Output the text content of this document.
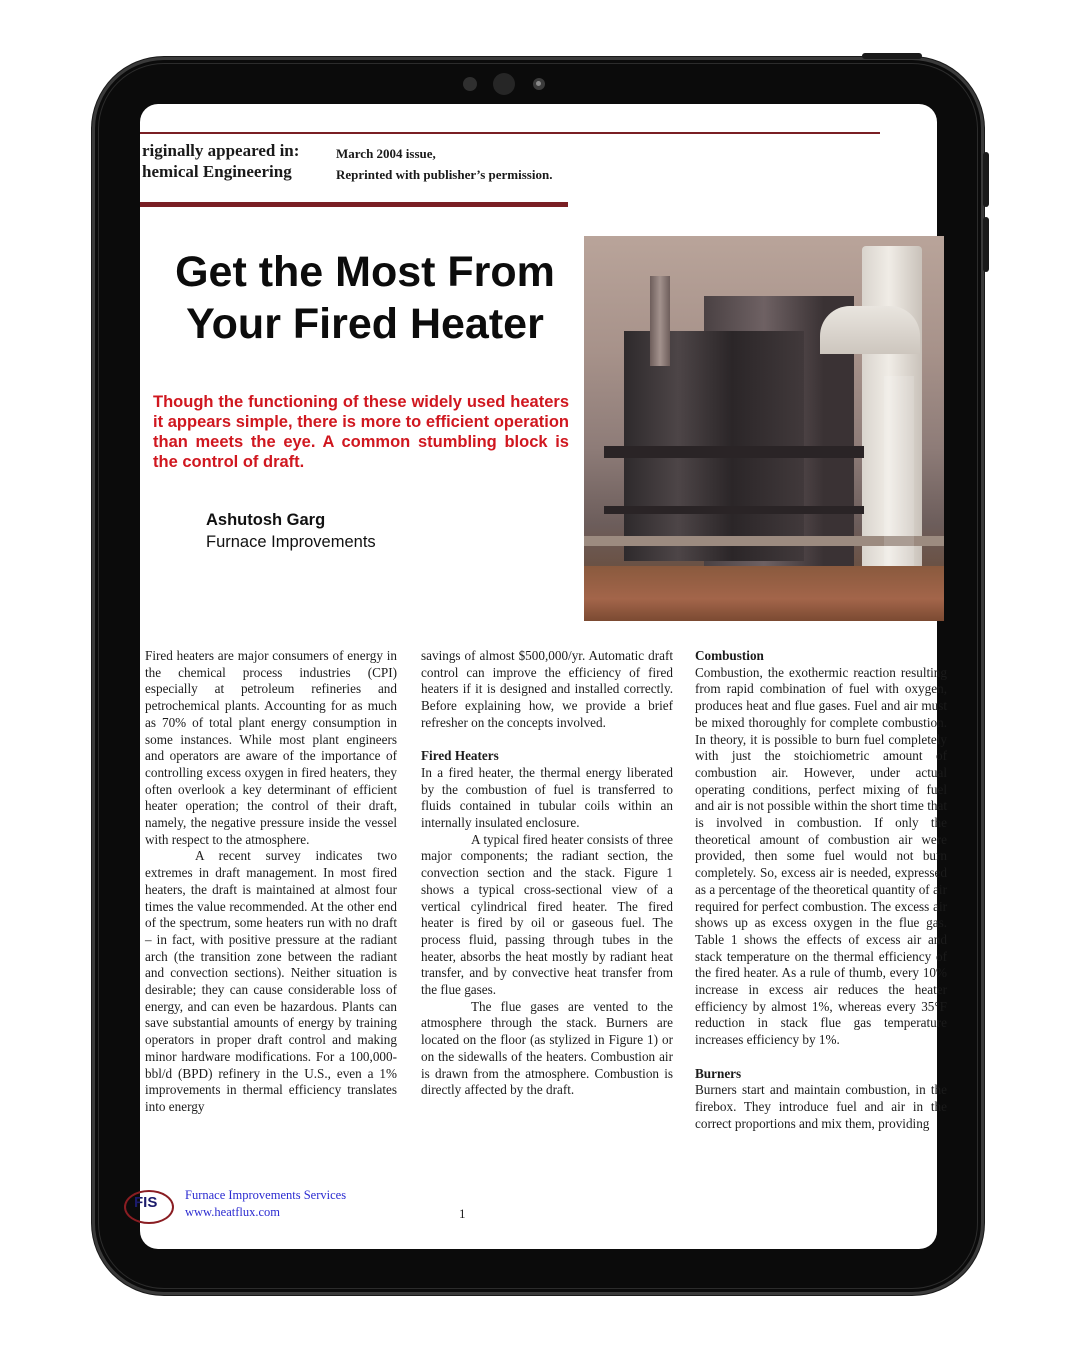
riginally appeared in:
hemical Engineering
March 2004 issue,
Reprinted with publisher’s permission.
Get the Most From
Your Fired Heater
Though the functioning of these widely used heaters it appears simple, there is more to efficient operation than meets the eye. A common stumbling block is the control of draft.
Ashutosh Garg
Furnace Improvements

Fired heaters are major consumers of energy in the chemical process industries (CPI) especially at petroleum refineries and petrochemical plants. Accounting for as much as 70% of total plant energy consumption in some instances. While most plant engineers and operators are aware of the importance of controlling excess oxygen in fired heaters, they often overlook a key determinant of efficient heater operation; the control of their draft, namely, the negative pressure inside the vessel with respect to the atmosphere.

A recent survey indicates two extremes in draft management. In most fired heaters, the draft is maintained at almost four times the value recommended. At the other end of the spectrum, some heaters run with no draft – in fact, with positive pressure at the radiant arch (the transition zone between the radiant and convection sections). Neither situation is desirable; they can cause considerable loss of energy, and can even be hazardous. Plants can save substantial amounts of energy by training operators in proper draft control and making minor hardware modifications. For a 100,000-bbl/d (BPD) refinery in the U.S., even a 1% improvements in thermal efficiency translates into energy

savings of almost $500,000/yr. Automatic draft control can improve the efficiency of fired heaters if it is designed and installed correctly. Before explaining how, we provide a brief refresher on the concepts involved.

Fired Heaters

In a fired heater, the thermal energy liberated by the combustion of fuel is transferred to fluids contained in tubular coils within an internally insulated enclosure.

A typical fired heater consists of three major components; the radiant section, the convection section and the stack. Figure 1 shows a typical cross-sectional view of a vertical cylindrical fired heater. The fired heater is fired by oil or gaseous fuel. The process fluid, passing through tubes in the heater, absorbs the heat mostly by radiant heat transfer, and by convective heat transfer from the flue gases.

The flue gases are vented to the atmosphere through the stack. Burners are located on the floor (as stylized in Figure 1) or on the sidewalls of the heaters. Combustion air is drawn from the atmosphere. Combustion is directly affected by the draft.

Combustion

Combustion, the exothermic reaction resulting from rapid combination of fuel with oxygen, produces heat and flue gases. Fuel and air must be mixed thoroughly for complete combustion. In theory, it is possible to burn fuel completely with just the stoichiometric amount of combustion air. However, under actual operating conditions, perfect mixing of fuel and air is not possible within the short time that is involved in combustion. If only the theoretical amount of combustion air were provided, then some fuel would not burn completely. So, excess air is needed, expressed as a percentage of the theoretical quantity of air required for perfect combustion. The excess air shows up as excess oxygen in the flue gas. Table 1 shows the effects of excess air and stack temperature on the thermal efficiency of the fired heater. As a rule of thumb, every 10% increase in excess air reduces the heater efficiency by almost 1%, whereas every 35°F reduction in stack flue gas temperature increases efficiency by 1%.

Burners

Burners start and maintain combustion, in the firebox. They introduce fuel and air in the correct proportions and mix them, providing

FIS Furnace Improvements Services
www.heatflux.com	1
